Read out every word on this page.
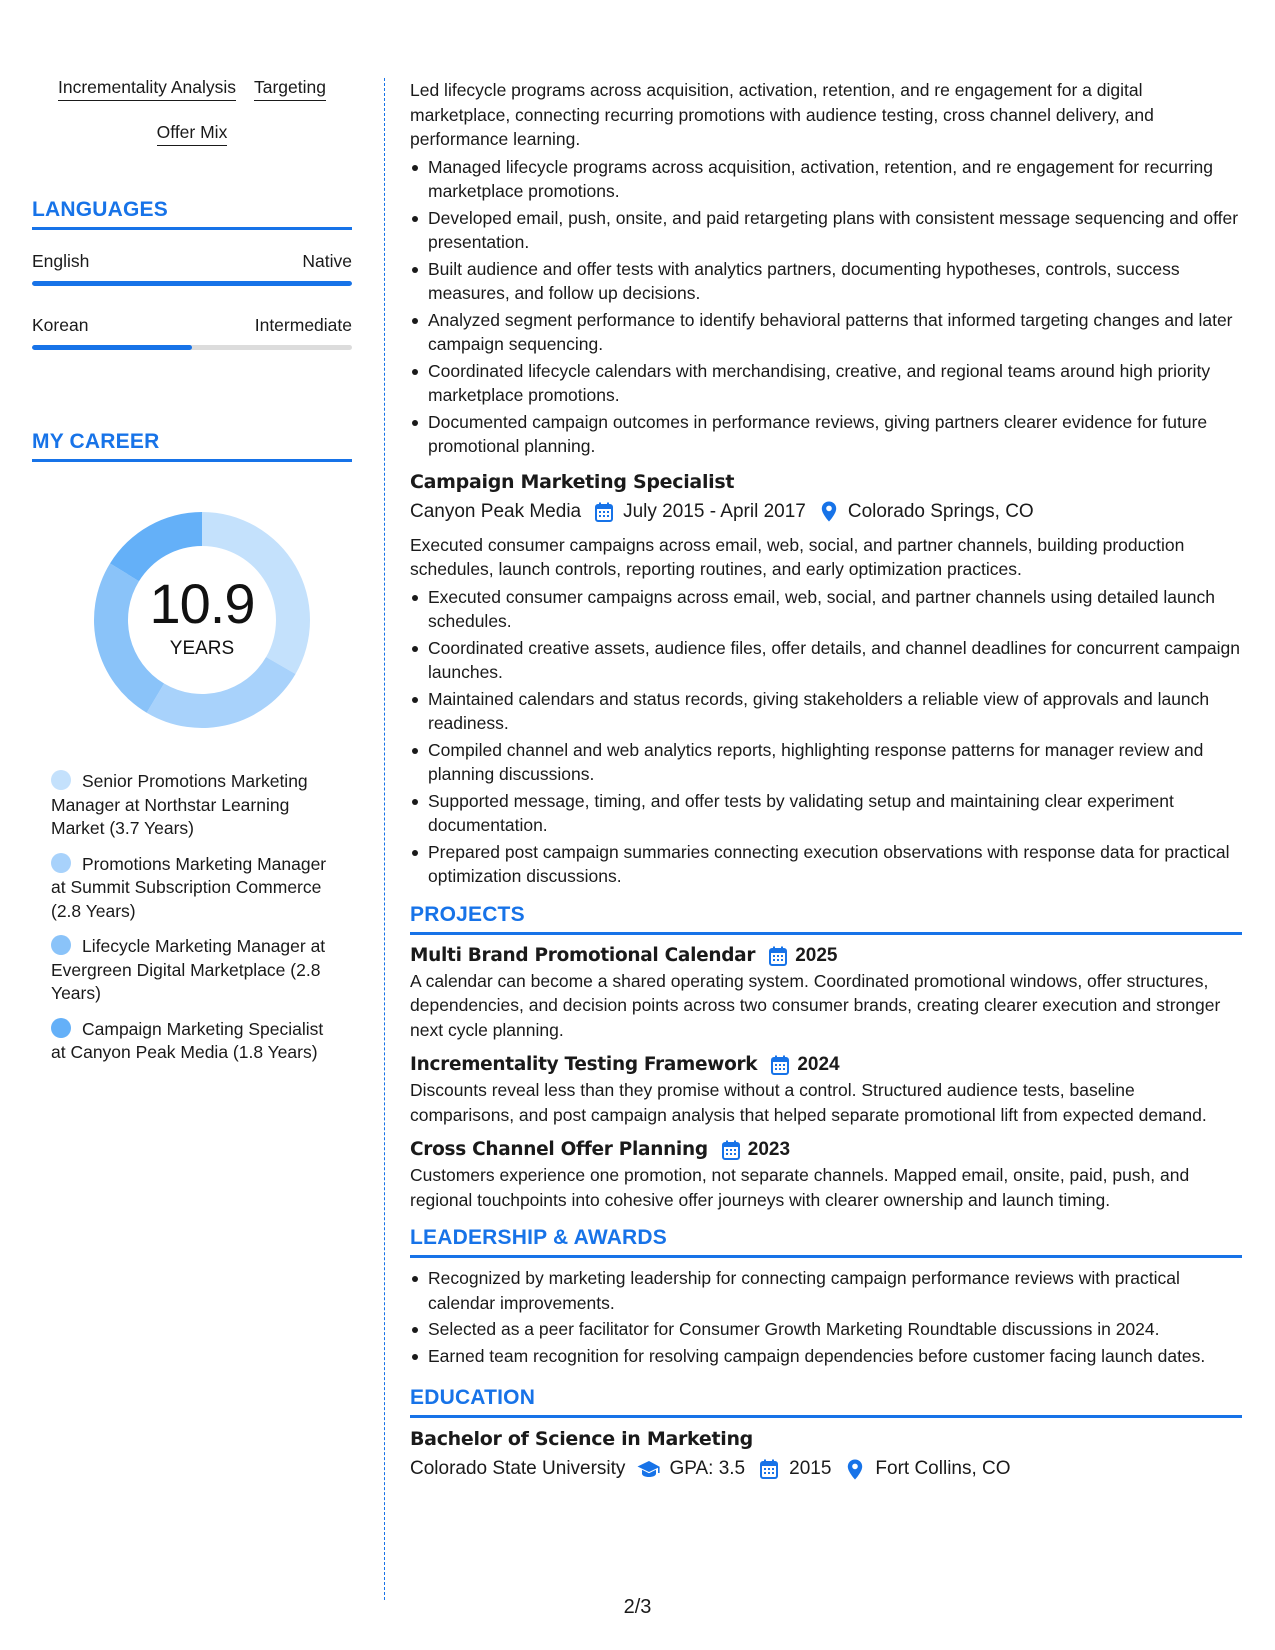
Incrementality Analysis Targeting
Offer Mix
LANGUAGES
English	Native
Korean	Intermediate
MY CAREER
10.9
YEARS
Senior Promotions Marketing Manager at Northstar Learning Market (3.7 Years)
Promotions Marketing Manager at Summit Subscription Commerce (2.8 Years)
Lifecycle Marketing Manager at Evergreen Digital Marketplace (2.8 Years)
Campaign Marketing Specialist at Canyon Peak Media (1.8 Years)
Led lifecycle programs across acquisition, activation, retention, and re engagement for a digital marketplace, connecting recurring promotions with audience testing, cross channel delivery, and performance learning.
Managed lifecycle programs across acquisition, activation, retention, and re engagement for recurring marketplace promotions.
Developed email, push, onsite, and paid retargeting plans with consistent message sequencing and offer presentation.
Built audience and offer tests with analytics partners, documenting hypotheses, controls, success measures, and follow up decisions.
Analyzed segment performance to identify behavioral patterns that informed targeting changes and later campaign sequencing.
Coordinated lifecycle calendars with merchandising, creative, and regional teams around high priority marketplace promotions.
Documented campaign outcomes in performance reviews, giving partners clearer evidence for future promotional planning.
Campaign Marketing Specialist
Canyon Peak Media July 2015 - April 2017 Colorado Springs, CO
Executed consumer campaigns across email, web, social, and partner channels, building production schedules, launch controls, reporting routines, and early optimization practices.
Executed consumer campaigns across email, web, social, and partner channels using detailed launch schedules.
Coordinated creative assets, audience files, offer details, and channel deadlines for concurrent campaign launches.
Maintained calendars and status records, giving stakeholders a reliable view of approvals and launch readiness.
Compiled channel and web analytics reports, highlighting response patterns for manager review and planning discussions.
Supported message, timing, and offer tests by validating setup and maintaining clear experiment documentation.
Prepared post campaign summaries connecting execution observations with response data for practical optimization discussions.
PROJECTS
Multi Brand Promotional Calendar 2025
A calendar can become a shared operating system. Coordinated promotional windows, offer structures, dependencies, and decision points across two consumer brands, creating clearer execution and stronger next cycle planning.
Incrementality Testing Framework 2024
Discounts reveal less than they promise without a control. Structured audience tests, baseline comparisons, and post campaign analysis that helped separate promotional lift from expected demand.
Cross Channel Offer Planning 2023
Customers experience one promotion, not separate channels. Mapped email, onsite, paid, push, and regional touchpoints into cohesive offer journeys with clearer ownership and launch timing.
LEADERSHIP & AWARDS
Recognized by marketing leadership for connecting campaign performance reviews with practical calendar improvements.
Selected as a peer facilitator for Consumer Growth Marketing Roundtable discussions in 2024.
Earned team recognition for resolving campaign dependencies before customer facing launch dates.
EDUCATION
Bachelor of Science in Marketing
Colorado State University GPA: 3.5 2015 Fort Collins, CO
2/3
